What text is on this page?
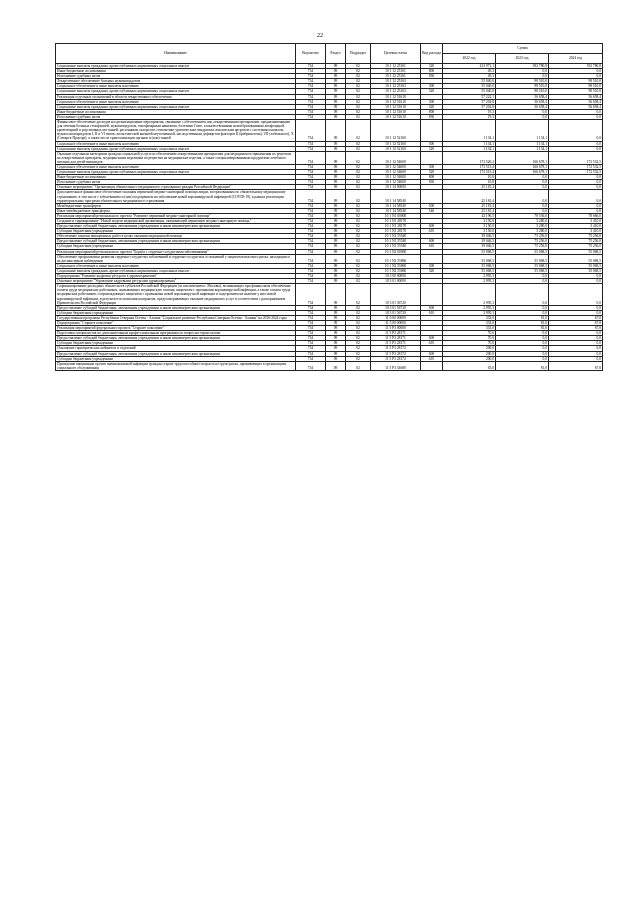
22
Наименование	Ведомство	Раздел	Подраздел	Целевая статья	Вид расхода	Сумма		
						2022 год	2023 год	2024 год
Социальные выплаты гражданам, кроме публичных нормативных социальных выплат	734	09	02	10 1 12 25161	320	413 971,1	392 780,8	392 780,8
Иные бюджетные ассигнования	734	09	02	10 1 12 25161	800	49,3	0,0	0,0
Исполнение судебных актов	734	09	02	10 1 12 25161	830	49,3	0,0	0,0
Лекарственное обеспечение больных муковисцидозом	734	09	02	10 1 12 25163		55 040,0	98 510,0	98 510,0
Социальное обеспечение и иные выплаты населению	734	09	02	10 1 12 25163	300	55 040,0	98 510,0	98 510,0
Социальные выплаты гражданам, кроме публичных нормативных социальных выплат	734	09	02	10 1 12 25163	320	55 040,0	98 510,0	98 510,0
Реализация отдельных полномочий в области лекарственного обеспечения	734	09	02	10 1 12 51610		57 222,1	56 658,4	56 658,4
Социальное обеспечение и иные выплаты населению	734	09	02	10 1 12 51610	300	57 202,8	56 658,4	56 658,4
Социальные выплаты гражданам, кроме публичных нормативных социальных выплат	734	09	02	10 1 12 51610	320	57 202,8	56 658,4	56 658,4
Иные бюджетные ассигнования	734	09	02	10 1 12 51610	800	19,3	0,0	0,0
Исполнение судебных актов	734	09	02	10 1 12 51610	830	19,3	0,0	0,0
Финансовое обеспечение расходов на организационные мероприятия, связанные с обеспечением лиц лекарственными препаратами, предназначенными для лечения больных гемофилией, муковисцидозом, гипофизарным нанизмом, болезнью Гоше, злокачественными новообразованиями лимфоидной, кроветворной и родственных им тканей, рассеянным склерозом, гемолитико-уремическим синдромом, юношеским артритом с системным началом, мукополисахаридозом I, II и VI типов, апластической анемией неуточненной, наследственным дефицитом факторов II (фибриногена), VII (лабильного), X (Стюарта-Прауэра), а также после трансплантации органов и (или) тканей	734	09	02	10 1 12 52160		1 134,1	1 134,1	0,0
Социальное обеспечение и иные выплаты населению	734	09	02	10 1 12 52160	300	1 134,1	1 134,1	0,0
Социальные выплаты гражданам, кроме публичных нормативных социальных выплат	734	09	02	10 1 12 52160	320	1 134,1	1 134,1	0,0
Оказание отдельным категориям граждан социальной услуги по обеспечению лекарственными препаратами для медицинского применения по рецептам на лекарственные препараты, медицинскими изделиями по рецептам на медицинские изделия, а также специализированными продуктами лечебного питания для детей-инвалидов	734	09	02	10 1 12 54600		173 526,2	166 678,1	172 532,5
Социальное обеспечение и иные выплаты населению	734	09	02	10 1 12 54600	300	173 515,4	166 678,1	172 532,5
Социальные выплаты гражданам, кроме публичных нормативных социальных выплат	734	09	02	10 1 12 54600	320	173 515,4	166 678,1	172 532,5
Иные бюджетные ассигнования	734	09	02	10 1 12 54600	800	10,8	0,0	0,0
Исполнение судебных актов	734	09	02	10 1 12 54600	830	10,8	0,0	0,0
Основное мероприятие "Организация обязательного медицинского страхования граждан Российской Федерации"	734	09	02	10 1 14 00000		25 181,4	0,0	0,0
Дополнительное финансовое обеспечение оказания первичной медико-санитарной помощи лицам, застрахованным по обязательному медицинскому страхованию, в том числе с заболеванием и (или) подозрением на заболевание новой коронавирусной инфекцией (COVID-19), в рамках реализации территориальных программ обязательного медицинского страхования	734	09	02	10 1 14 58540		25 181,4	0,0	0,0
Межбюджетные трансферты	734	09	02	10 1 14 58540	500	25 181,4	0,0	0,0
Иные межбюджетные трансферты	734	09	02	10 1 14 58540	540	25 181,4	0,0	0,0
Реализация мероприятий регионального проекта "Развитие первичной медико-санитарной помощи"	734	09	02	10 1 N1 00000		42 196,5	78 536,0	78 666,0
Создание и тиражирование "Новой модели медицинской организации, оказывающей первичную медико-санитарную помощь"	734	09	02	10 1 N1 28170		3 150,0	3 280,0	3 410,0
Предоставление субсидий бюджетным, автономным учреждениям и иным некоммерческим организациям	734	09	02	10 1 N1 28170	600	3 150,0	3 280,0	3 410,0
Субсидии бюджетным учреждениям	734	09	02	10 1 N1 28170	610	3 150,0	3 280,0	3 410,0
Обеспечение закупки авиационных работ в целях оказания медицинской помощи	734	09	02	10 1 N1 55540		39 046,5	75 256,0	75 256,0
Предоставление субсидий бюджетным, автономным учреждениям и иным некоммерческим организациям	734	09	02	10 1 N1 55540	600	39 046,5	75 256,0	75 256,0
Субсидии бюджетным учреждениям	734	09	02	10 1 N1 55540	610	39 046,5	75 256,0	75 256,0
Реализация мероприятий регионального проекта "Борьба с сердечно-сосудистыми заболеваниями"	734	09	02	10 1 N2 00000		55 068,5	55 068,5	55 068,5
Обеспечение профилактики развития сердечно-сосудистых заболеваний и сердечно-сосудистых осложнений у пациентов высокого риска, находящихся на диспансерном наблюдении	734	09	02	10 1 N2 55860		55 068,5	55 068,5	55 068,5
Социальное обеспечение и иные выплаты населению	734	09	02	10 1 N2 55860	300	55 068,5	55 068,5	55 068,5
Социальные выплаты гражданам, кроме публичных нормативных социальных выплат	734	09	02	10 1 N2 55860	320	55 068,5	55 068,5	55 068,5
Подпрограмма "Развитие кадровых ресурсов в здравоохранении"	734	09	02	10 3 00 00000		2 995,3	0,0	0,0
Основное мероприятие "Управление кадровыми ресурсами здравоохранения"	734	09	02	10 3 01 00000		2 995,3	0,0	0,0
Софинансирование расходных обязательств субъектов Российской Федерации (за исключением г. Москвы), возникающих при финансовом обеспечении оплаты труда медицинских работников, оказывающих медицинскую помощь пациентам с признаками коронавирусной инфекции, а также оплаты труда медицинских работников, сопровождающих пациентов с признаками новой коронавирусной инфекции и подозрением на наличие у них новой коронавирусной инфекции, в результате исполнения контрактов, предусматривающих оказание медицинских услуг в соответствии с распоряжением Правительства Российской Федерации	734	09	02	10 3 01 56720		2 995,3	0,0	0,0
Предоставление субсидий бюджетным, автономным учреждениям и иным некоммерческим организациям	734	09	02	10 3 01 56720	600	2 995,3	0,0	0,0
Субсидии бюджетным учреждениям	734	09	02	10 3 01 56720	610	2 995,3	0,0	0,0
Государственная программа Республики Северная Осетия - Алания "Социальное развитие Республики Северная Осетия - Алания" на 2016-2024 годы	734	09	02	11 0 00 00000		333,0	81,0	67,8
Подпрограмма "Старшее поколение"	734	09	02	11 5 00 00000		333,0	81,0	67,8
Реализация мероприятий федерального проекта "Старшее поколение"	734	09	02	11 5 P3 00000		333,0	81,0	67,8
Подготовка специалистов по дополнительным профессиональным программам по вопросам геронтологии	734	09	02	11 5 P3 28171		70,0	0,0	0,0
Предоставление субсидий бюджетным, автономным учреждениям и иным некоммерческим организациям	734	09	02	11 5 P3 28171	600	70,0	0,0	0,0
Субсидии бюджетным учреждениям	734	09	02	11 5 P3 28171	610	70,0	0,0	0,0
Оснащение гериатрических кабинетов и отделений	734	09	02	11 5 P3 28172		200,0	0,0	0,0
Предоставление субсидий бюджетным, автономным учреждениям и иным некоммерческим организациям	734	09	02	11 5 P3 28172	600	200,0	0,0	0,0
Субсидии бюджетным учреждениям	734	09	02	11 5 P3 28172	610	200,0	0,0	0,0
Проведение вакцинации против пневмококковой инфекции граждан старше трудоспособного возраста из групп риска, проживающих в организациях социального обслуживания	734	09	02	11 5 P3 54680		63,0	81,0	67,8
